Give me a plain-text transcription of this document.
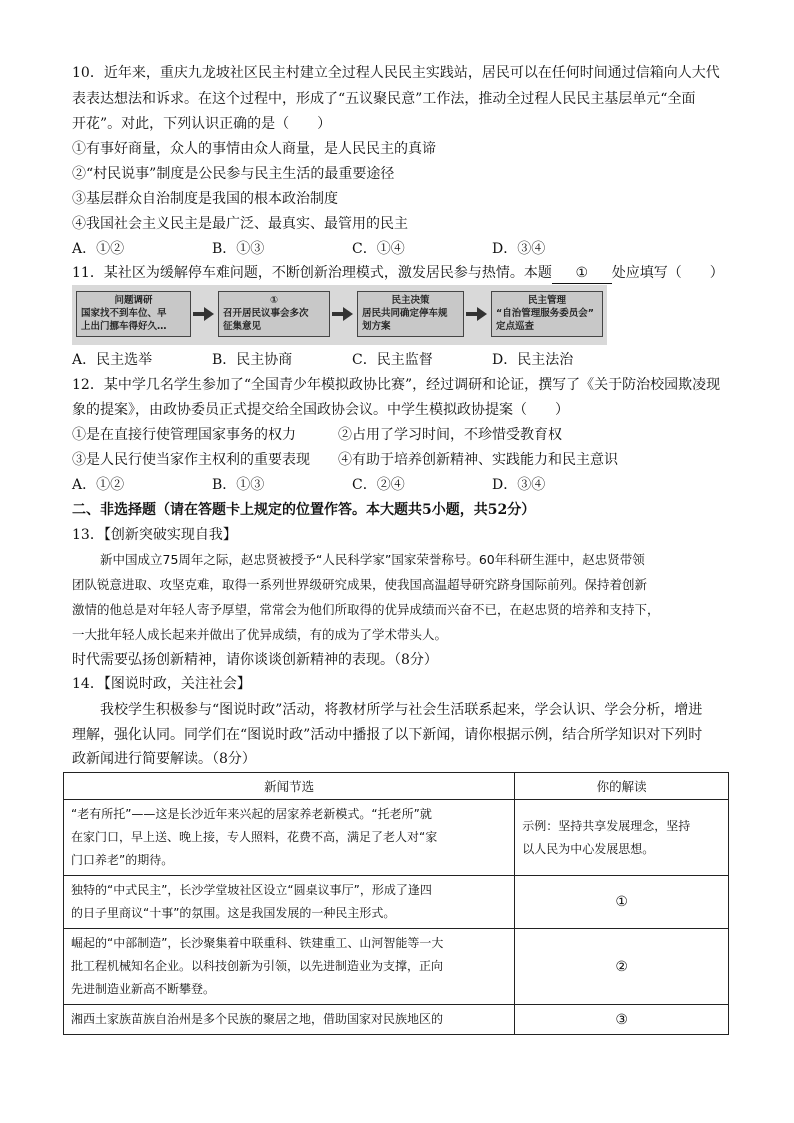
10．近年来，重庆九龙坡社区民主村建立全过程人民民主实践站，居民可以在任何时间通过信箱向人大代
表表达想法和诉求。在这个过程中，形成了“五议聚民意”工作法，推动全过程人民民主基层单元“全面
开花”。对此，下列认识正确的是（　　）
①有事好商量，众人的事情由众人商量，是人民民主的真谛
②“村民说事”制度是公民参与民主生活的最重要途径
③基层群众自治制度是我国的根本政治制度
④我国社会主义民主是最广泛、最真实、最管用的民主
A．①②	B．①③	C．①④	D．③④
11．某社区为缓解停车难问题，不断创新治理模式，激发居民参与热情。本题 ① 处应填写（　　）
问题调研
国家找不到车位、早
上出门挪车得好久…
①
召开居民议事会多次
征集意见
民主决策
居民共同确定停车规
划方案
民主管理
“自治管理服务委员会”
定点巡查
A．民主选举	B．民主协商	C．民主监督	D．民主法治
12．某中学几名学生参加了“全国青少年模拟政协比赛”，经过调研和论证，撰写了《关于防治校园欺凌现
象的提案》，由政协委员正式提交给全国政协会议。中学生模拟政协提案（　　）
①是在直接行使管理国家事务的权力	②占用了学习时间，不珍惜受教育权
③是人民行使当家作主权利的重要表现 ④有助于培养创新精神、实践能力和民主意识
A．①②	B．①③	C．②④	D．③④
二、非选择题（请在答题卡上规定的位置作答。本大题共5小题，共52分）
13．【创新突破实现自我】
新中国成立75周年之际，赵忠贤被授予“人民科学家”国家荣誉称号。60年科研生涯中，赵忠贤带领
团队锐意进取、攻坚克难，取得一系列世界级研究成果，使我国高温超导研究跻身国际前列。保持着创新
激情的他总是对年轻人寄予厚望，常常会为他们所取得的优异成绩而兴奋不已，在赵忠贤的培养和支持下，
一大批年轻人成长起来并做出了优异成绩，有的成为了学术带头人。
时代需要弘扬创新精神，请你谈谈创新精神的表现。（8分）
14．【图说时政，关注社会】
我校学生积极参与“图说时政”活动，将教材所学与社会生活联系起来，学会认识、学会分析，增进
理解，强化认同。同学们在“图说时政”活动中播报了以下新闻，请你根据示例，结合所学知识对下列时
政新闻进行简要解读。（8分）
新闻节选	你的解读
“老有所托”——这是长沙近年来兴起的居家养老新模式。“托老所”就
在家门口，早上送、晚上接，专人照料，花费不高，满足了老人对“家
门口养老”的期待。	示例：坚持共享发展理念，坚持
以人民为中心发展思想。
独特的“中式民主”，长沙学堂坡社区设立“圆桌议事厅”，形成了逢四
的日子里商议“十事”的氛围。这是我国发展的一种民主形式。	①
崛起的“中部制造”，长沙聚集着中联重科、铁建重工、山河智能等一大
批工程机械知名企业。以科技创新为引领，以先进制造业为支撑，正向
先进制造业新高不断攀登。	②
湘西土家族苗族自治州是多个民族的聚居之地，借助国家对民族地区的	③
